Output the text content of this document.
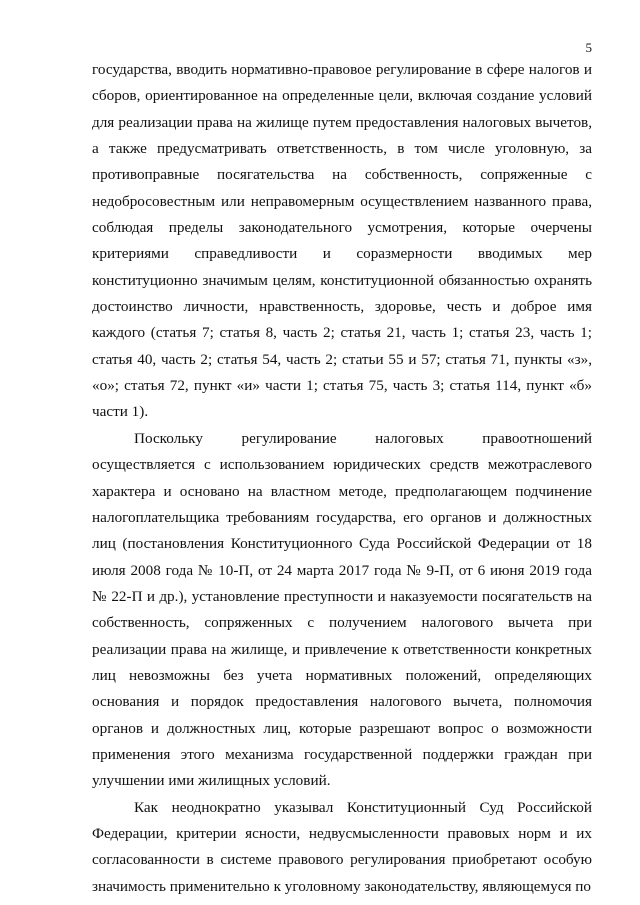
5

государства, вводить нормативно-правовое регулирование в сфере налогов и сборов, ориентированное на определенные цели, включая создание условий для реализации права на жилище путем предоставления налоговых вычетов, а также предусматривать ответственность, в том числе уголовную, за противоправные посягательства на собственность, сопряженные с недобросовестным или неправомерным осуществлением названного права, соблюдая пределы законодательного усмотрения, которые очерчены критериями справедливости и соразмерности вводимых мер конституционно значимым целям, конституционной обязанностью охранять достоинство личности, нравственность, здоровье, честь и доброе имя каждого (статья 7; статья 8, часть 2; статья 21, часть 1; статья 23, часть 1; статья 40, часть 2; статья 54, часть 2; статьи 55 и 57; статья 71, пункты «з», «о»; статья 72, пункт «и» части 1; статья 75, часть 3; статья 114, пункт «б» части 1).

Поскольку регулирование налоговых правоотношений осуществляется с использованием юридических средств межотраслевого характера и основано на властном методе, предполагающем подчинение налогоплательщика требованиям государства, его органов и должностных лиц (постановления Конституционного Суда Российской Федерации от 18 июля 2008 года № 10-П, от 24 марта 2017 года № 9-П, от 6 июня 2019 года № 22-П и др.), установление преступности и наказуемости посягательств на собственность, сопряженных с получением налогового вычета при реализации права на жилище, и привлечение к ответственности конкретных лиц невозможны без учета нормативных положений, определяющих основания и порядок предоставления налогового вычета, полномочия органов и должностных лиц, которые разрешают вопрос о возможности применения этого механизма государственной поддержки граждан при улучшении ими жилищных условий.

Как неоднократно указывал Конституционный Суд Российской Федерации, критерии ясности, недвусмысленности правовых норм и их согласованности в системе правового регулирования приобретают особую значимость применительно к уголовному законодательству, являющемуся по
